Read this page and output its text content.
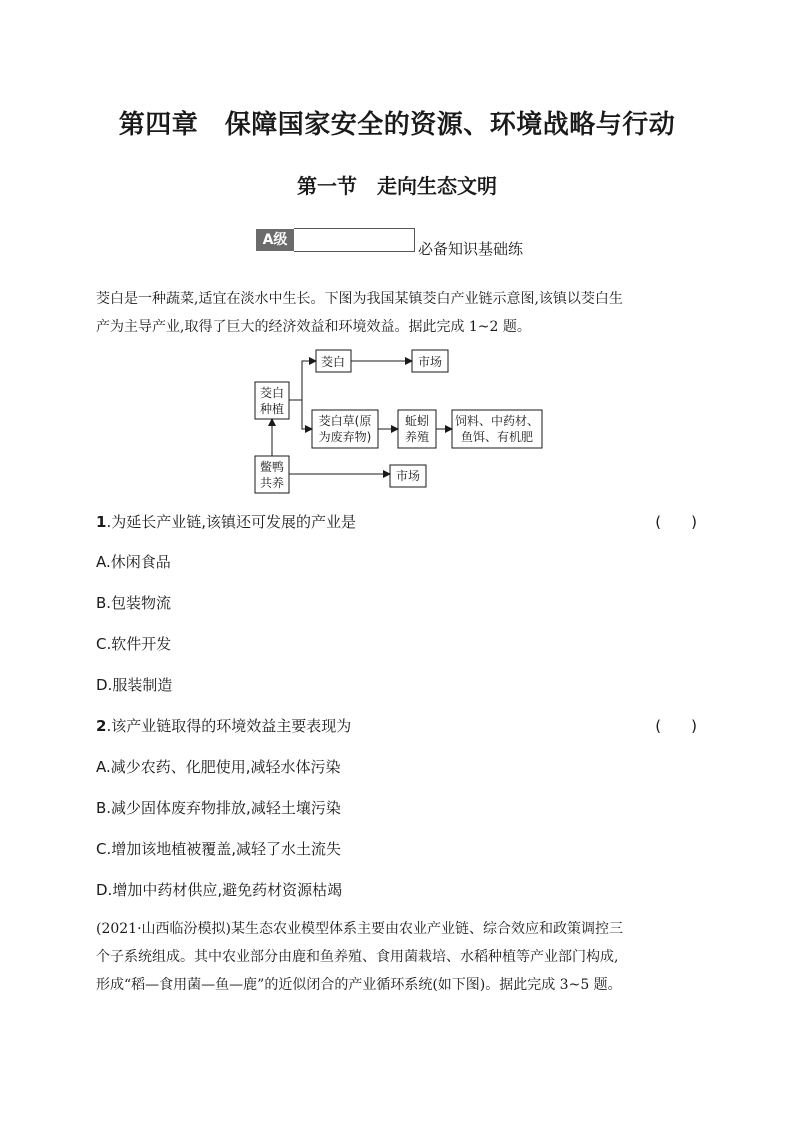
第四章　保障国家安全的资源、环境战略与行动
第一节　走向生态文明
A级	必备知识基础练
茭白是一种蔬菜,适宜在淡水中生长。下图为我国某镇茭白产业链示意图,该镇以茭白生
产为主导产业,取得了巨大的经济效益和环境效益。据此完成 1~2 题。
茭白
种植
茭白	市场
茭白草(原
为废弃物)
蚯蚓
养殖
饲料、中药材、
鱼饵、有机肥
鳖鸭
共养	市场
1.为延长产业链,该镇还可发展的产业是	(　　)
A.休闲食品
B.包装物流
C.软件开发
D.服装制造
2.该产业链取得的环境效益主要表现为	(　　)
A.减少农药、化肥使用,减轻水体污染
B.减少固体废弃物排放,减轻土壤污染
C.增加该地植被覆盖,减轻了水土流失
D.增加中药材供应,避免药材资源枯竭
(2021·山西临汾模拟)某生态农业模型体系主要由农业产业链、综合效应和政策调控三
个子系统组成。其中农业部分由鹿和鱼养殖、食用菌栽培、水稻种植等产业部门构成,
形成“稻—食用菌—鱼—鹿”的近似闭合的产业循环系统(如下图)。据此完成 3~5 题。
